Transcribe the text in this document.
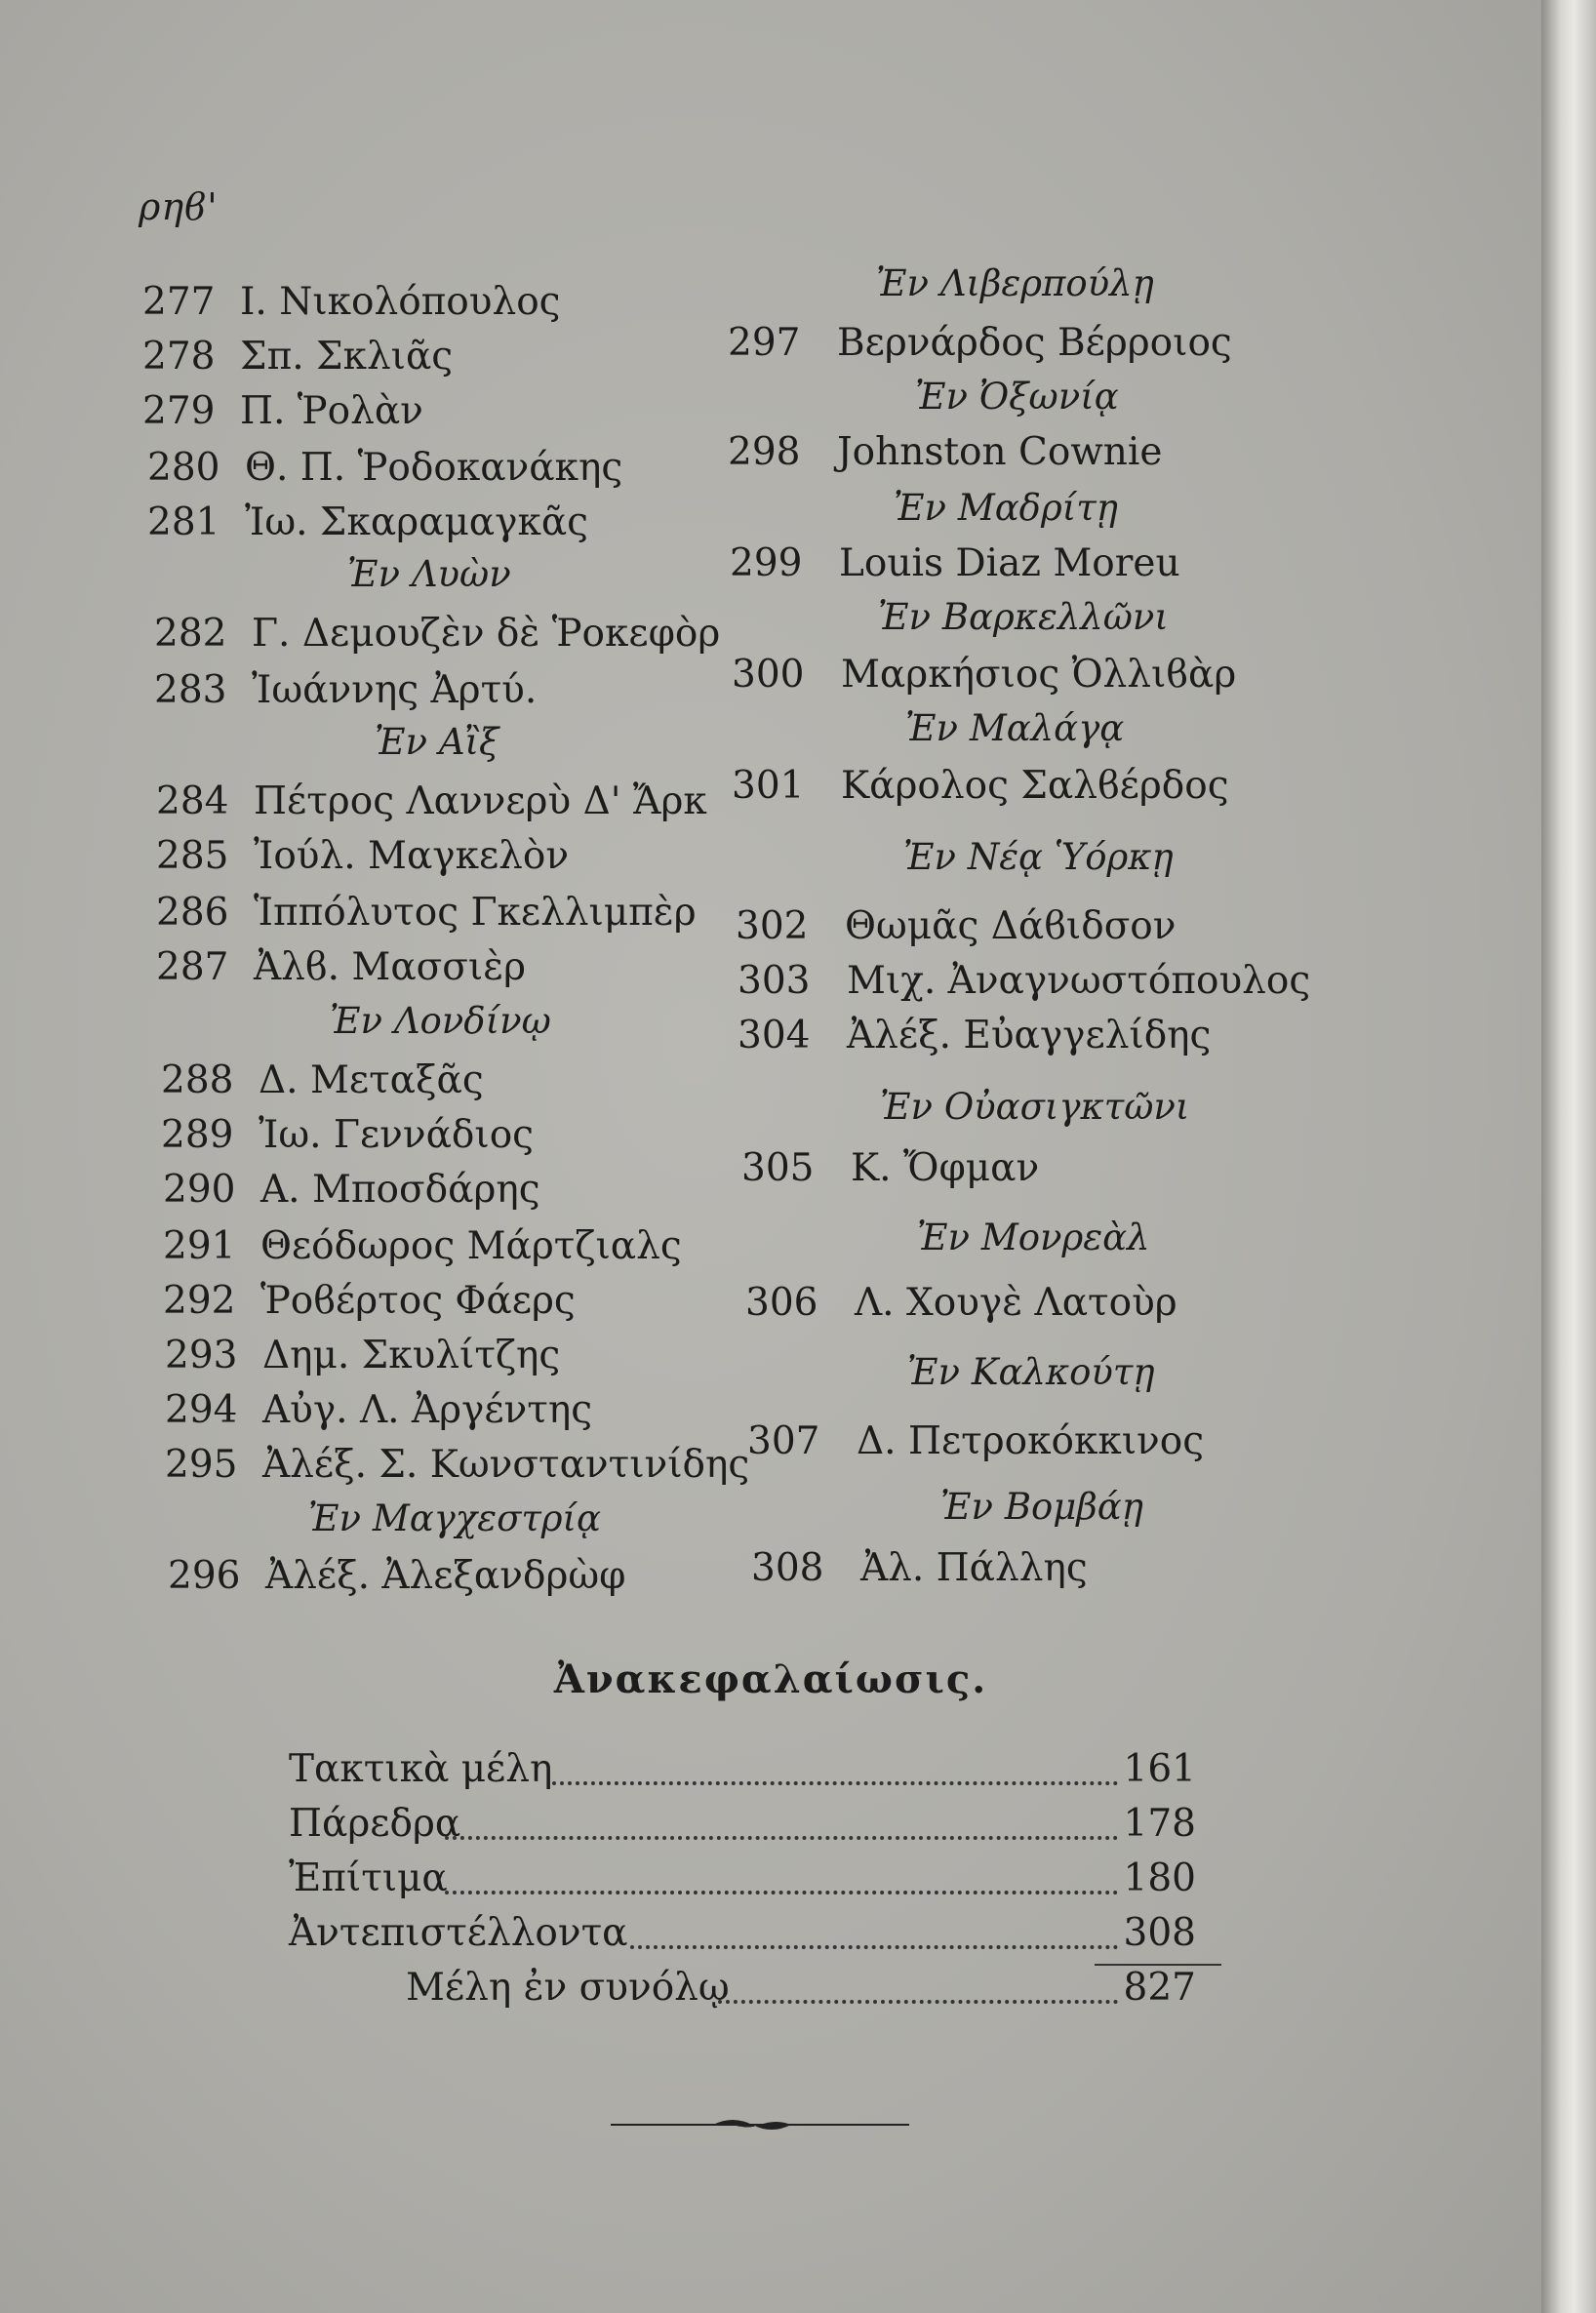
ρηϐ'
277 Ι. Νικολόπουλος
278 Σπ. Σκλιᾶς
279 Π. Ῥολὰν
280 Θ. Π. Ῥοδοκανάκης
281 Ἰω. Σκαραμαγκᾶς
Ἐν Λυὼν
282 Γ. Δεμουζὲν δὲ Ῥοκεφὸρ
283 Ἰωάννης Ἀρτύ.
Ἐν Αἲξ
284 Πέτρος Λαννερὺ Δ' Ἄρκ
285 Ἰούλ. Μαγκελὸν
286 Ἱππόλυτος Γκελλιμπὲρ
287 Ἀλϐ. Μασσιὲρ
Ἐν Λονδίνῳ
288 Δ. Μεταξᾶς
289 Ἰω. Γεννάδιος
290 Α. Μποσδάρης
291 Θεόδωρος Μάρτζιαλς
292 Ῥοϐέρτος Φάερς
293 Δημ. Σκυλίτζης
294 Αὐγ. Λ. Ἀργέντης
295 Ἀλέξ. Σ. Κωνσταντινίδης
Ἐν Μαγχεστρίᾳ
296 Ἀλέξ. Ἀλεξανδρὼφ
Ἐν Λιβερπούλῃ
297 Βερνάρδος Βέρροιος
Ἐν Ὀξωνίᾳ
298 Johnston Cownie
Ἐν Μαδρίτῃ
299 Louis Diaz Moreu
Ἐν Βαρκελλῶνι
300 Μαρκήσιος Ὀλλιϐὰρ
Ἐν Μαλάγᾳ
301 Κάρολος Σαλϐέρδος
Ἐν Νέᾳ Ὑόρκῃ
302 Θωμᾶς Δάϐιδσον
303 Μιχ. Ἀναγνωστόπουλος
304 Ἀλέξ. Εὐαγγελίδης
Ἐν Οὐασιγκτῶνι
305 Κ. Ὄφμαν
Ἐν Μονρεὰλ
306 Λ. Χουγὲ Λατοὺρ
Ἐν Καλκούτῃ
307 Δ. Πετροκόκκινος
Ἐν Βομβάῃ
308 Ἀλ. Πάλλης
Ἀνακεφαλαίωσις.
Τακτικὰ μέλη	161
Πάρεδρα	178
Ἐπίτιμα	180
Ἀντεπιστέλλοντα	308
Μέλη ἐν συνόλῳ	827
